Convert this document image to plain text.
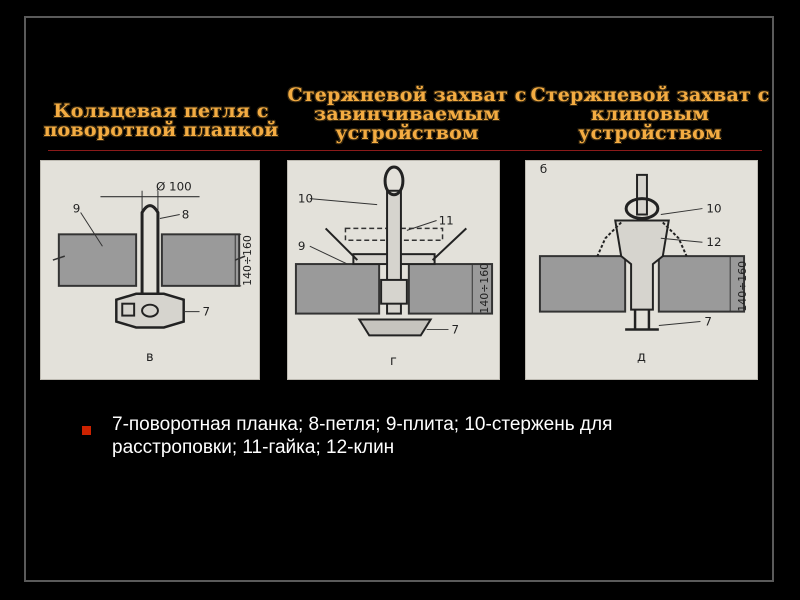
Кольцевая петля с
поворотной планкой
Стержневой захват с
завинчиваемым
устройством
Стержневой захват с
клиновым
устройством
Ø 100
8
9
7
140÷160
в
10
11
9
7
140÷160
г
б
10
12
7
140÷160
д
7-поворотная планка; 8-петля; 9-плита; 10-стержень для расстроповки; 11-гайка; 12-клин
